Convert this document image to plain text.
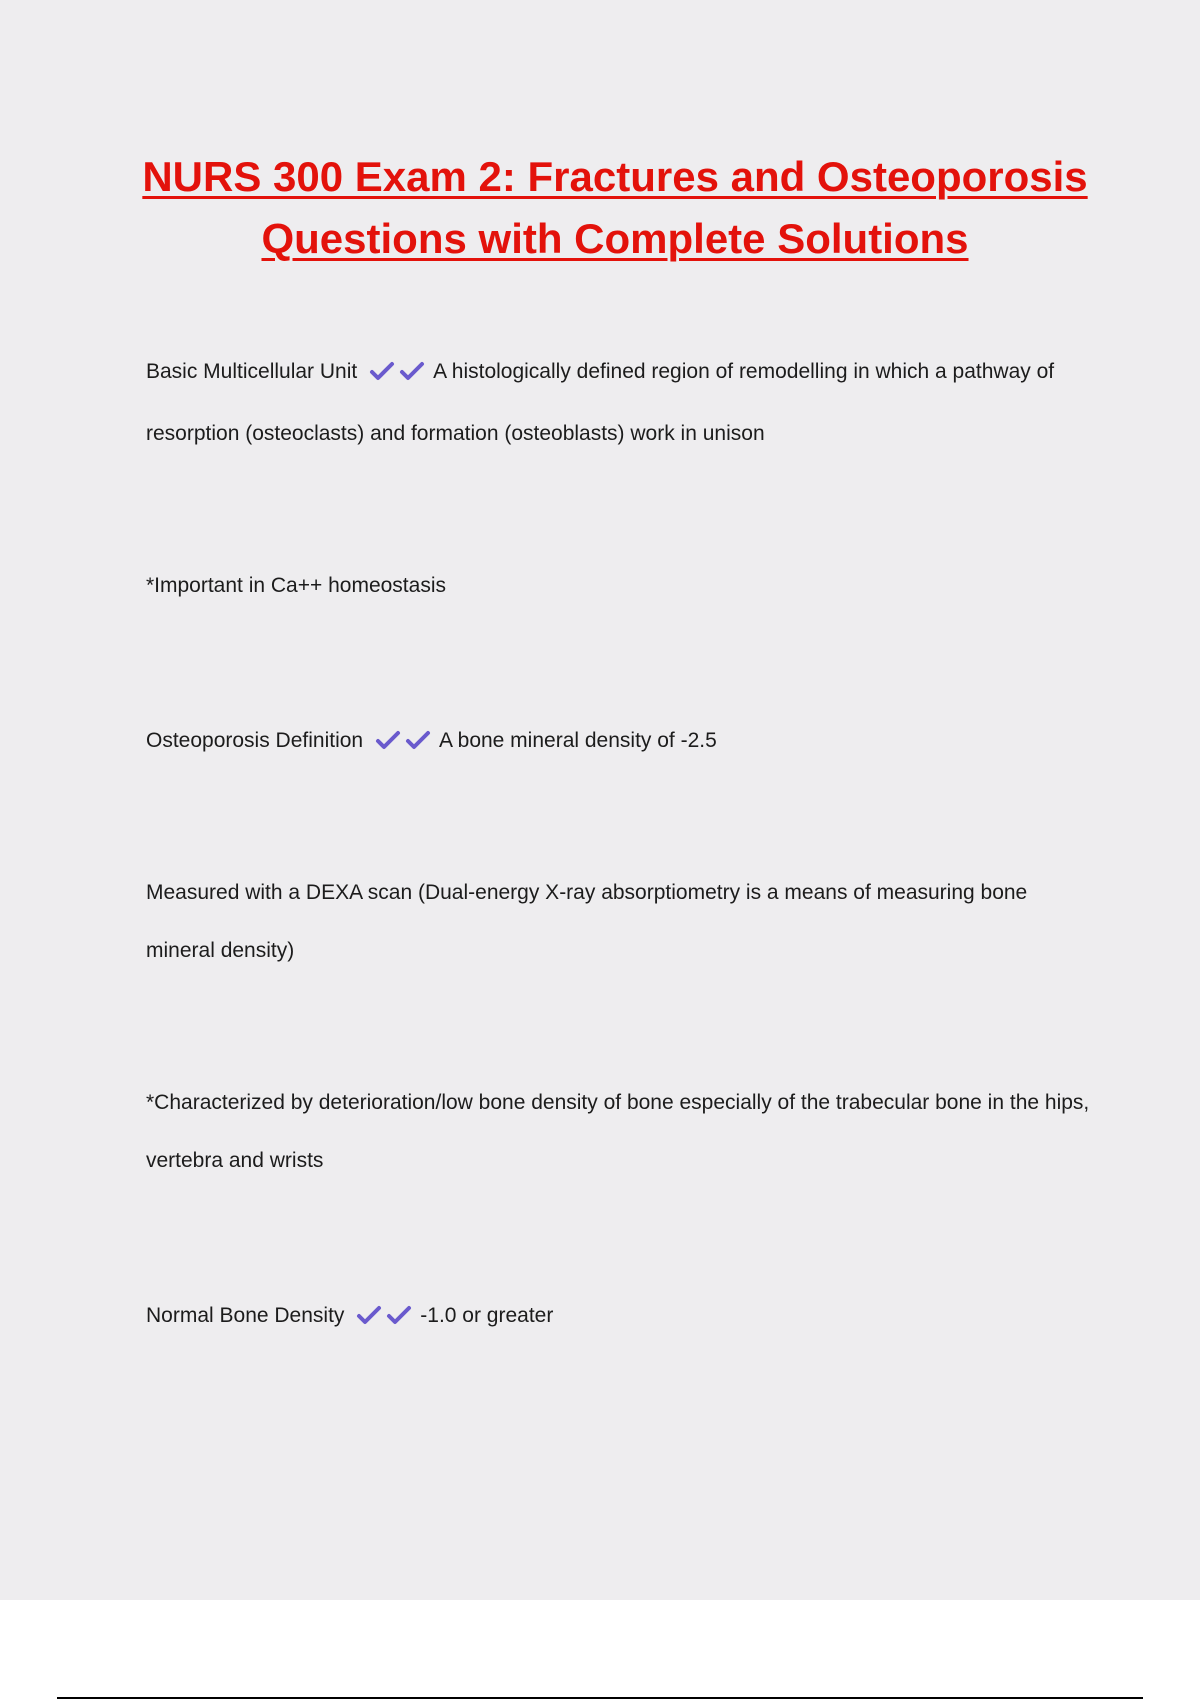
NURS 300 Exam 2: Fractures and Osteoporosis
Questions with Complete Solutions

Basic Multicellular Unit	A histologically defined region of remodelling in which a pathway of resorption (osteoclasts) and formation (osteoblasts) work in unison

*Important in Ca++ homeostasis

Osteoporosis Definition	A bone mineral density of -2.5

Measured with a DEXA scan (Dual-energy X-ray absorptiometry is a means of measuring bone mineral density)

*Characterized by deterioration/low bone density of bone especially of the trabecular bone in the hips, vertebra and wrists

Normal Bone Density	-1.0 or greater
